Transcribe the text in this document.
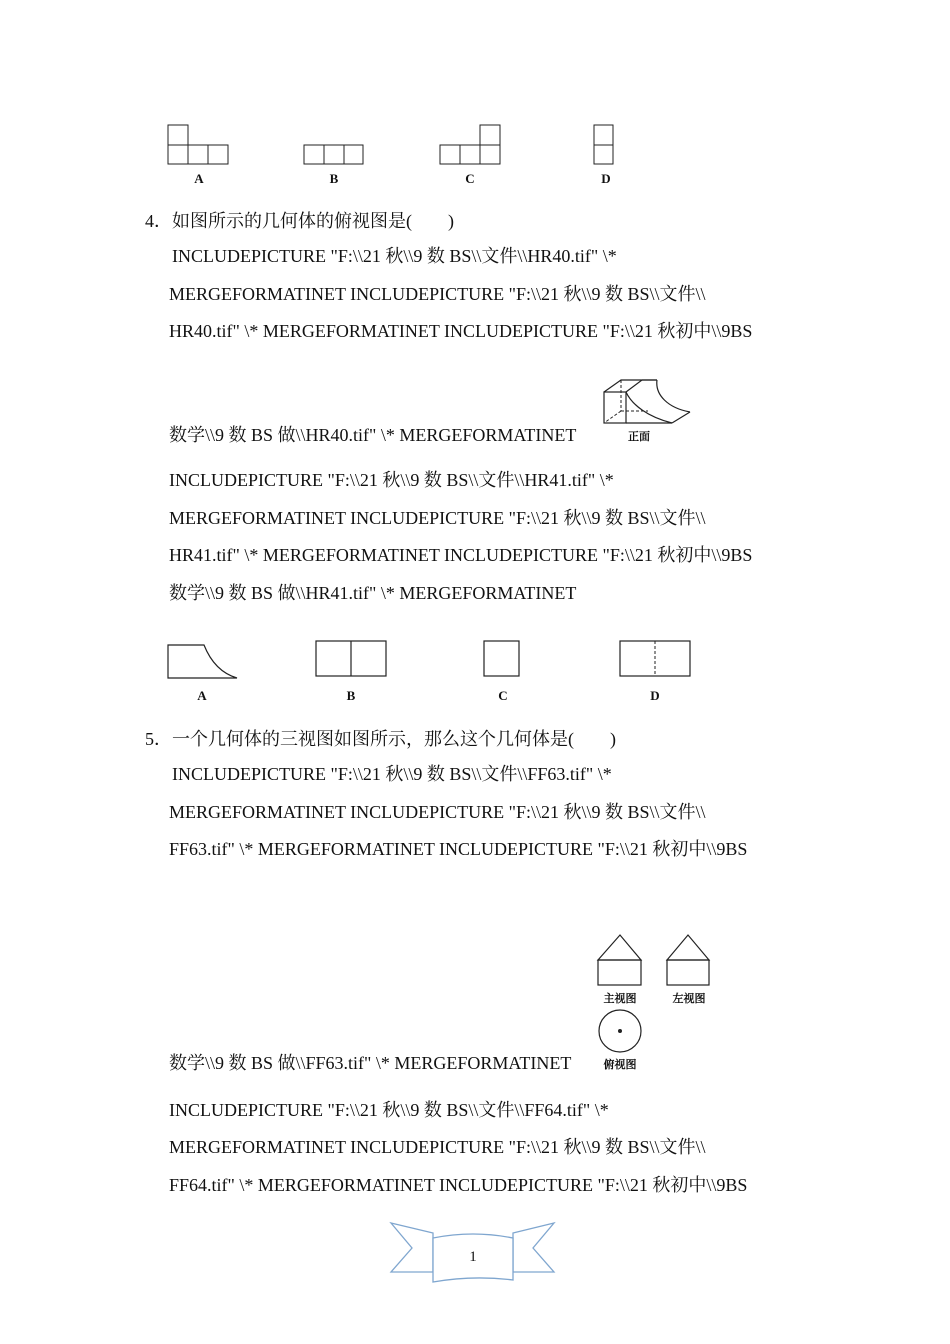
A	B	C	D
4．如图所示的几何体的俯视图是(　　)
INCLUDEPICTURE "F:\\21 秋\\9 数 BS\\文件\\HR40.tif" \*
MERGEFORMATINET INCLUDEPICTURE "F:\\21 秋\\9 数 BS\\文件\\
HR40.tif" \* MERGEFORMATINET INCLUDEPICTURE "F:\\21 秋初中\\9BS
数学\\9 数 BS 做\\HR40.tif" \* MERGEFORMATINET	正面
INCLUDEPICTURE "F:\\21 秋\\9 数 BS\\文件\\HR41.tif" \*
MERGEFORMATINET INCLUDEPICTURE "F:\\21 秋\\9 数 BS\\文件\\
HR41.tif" \* MERGEFORMATINET INCLUDEPICTURE "F:\\21 秋初中\\9BS
数学\\9 数 BS 做\\HR41.tif" \* MERGEFORMATINET
A	B	C	D
5．一个几何体的三视图如图所示，那么这个几何体是(　　)
INCLUDEPICTURE "F:\\21 秋\\9 数 BS\\文件\\FF63.tif" \*
MERGEFORMATINET INCLUDEPICTURE "F:\\21 秋\\9 数 BS\\文件\\
FF63.tif" \* MERGEFORMATINET INCLUDEPICTURE "F:\\21 秋初中\\9BS
主视图	左视图
俯视图
数学\\9 数 BS 做\\FF63.tif" \* MERGEFORMATINET
INCLUDEPICTURE "F:\\21 秋\\9 数 BS\\文件\\FF64.tif" \*
MERGEFORMATINET INCLUDEPICTURE "F:\\21 秋\\9 数 BS\\文件\\
FF64.tif" \* MERGEFORMATINET INCLUDEPICTURE "F:\\21 秋初中\\9BS
1
